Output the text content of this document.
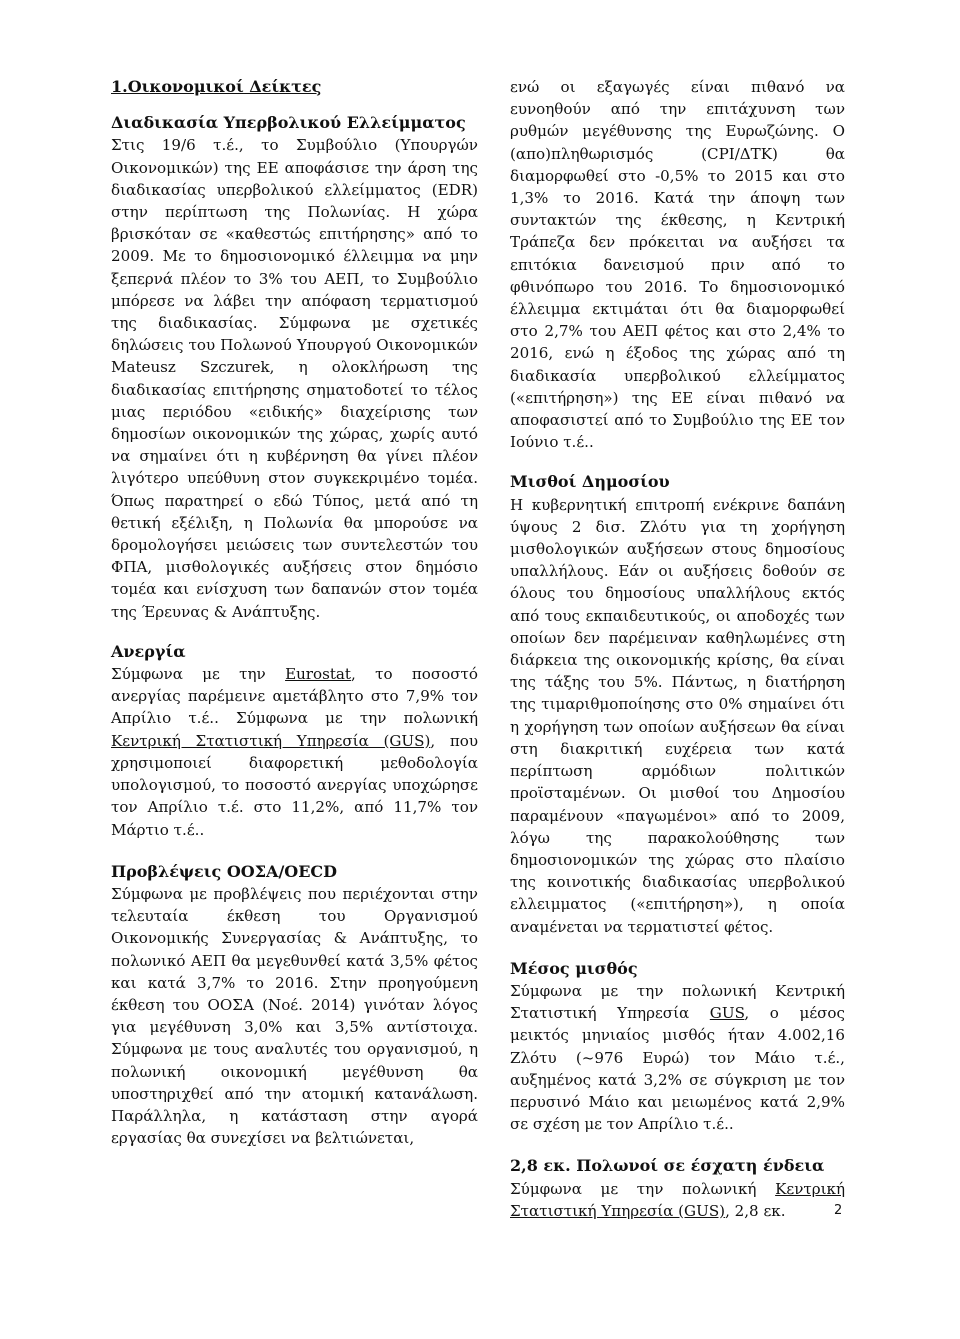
1.Οικονομικοί Δείκτες
Διαδικασία Υπερβολικού Ελλείμματος

Στις 19/6 τ.έ., το Συμβούλιο (Υπουργών Οικονομικών) της ΕΕ αποφάσισε την άρση της διαδικασίας υπερβολικού ελλείμματος (EDR) στην περίπτωση της Πολωνίας. Η χώρα βρισκόταν σε «καθεστώς επιτήρησης» από το 2009. Με το δημοσιονομικό έλλειμμα να μην ξεπερνά πλέον το 3% του ΑΕΠ, το Συμβούλιο μπόρεσε να λάβει την απόφαση τερματισμού της διαδικασίας. Σύμφωνα με σχετικές δηλώσεις του Πολωνού Υπουργού Οικονομικών Mateusz Szczurek, η ολοκλήρωση της διαδικασίας επιτήρησης σηματοδοτεί το τέλος μιας περιόδου «ειδικής» διαχείρισης των δημοσίων οικονομικών της χώρας, χωρίς αυτό να σημαίνει ότι η κυβέρνηση θα γίνει πλέον λιγότερο υπεύθυνη στον συγκεκριμένο τομέα. Όπως παρατηρεί ο εδώ Τύπος, μετά από τη θετική εξέλιξη, η Πολωνία θα μπορούσε να δρομολογήσει μειώσεις των συντελεστών του ΦΠΑ, μισθολογικές αυξήσεις στον δημόσιο τομέα και ενίσχυση των δαπανών στον τομέα της Έρευνας & Ανάπτυξης.

Ανεργία

Σύμφωνα με την Eurostat, το ποσοστό ανεργίας παρέμεινε αμετάβλητο στο 7,9% τον Απρίλιο τ.έ.. Σύμφωνα με την πολωνική Κεντρική Στατιστική Υπηρεσία (GUS), που χρησιμοποιεί διαφορετική μεθοδολογία υπολογισμού, το ποσοστό ανεργίας υποχώρησε τον Απρίλιο τ.έ. στο 11,2%, από 11,7% τον Μάρτιο τ.έ..

Προβλέψεις ΟΟΣΑ/OECD

Σύμφωνα με προβλέψεις που περιέχονται στην τελευταία έκθεση του Οργανισμού Οικονομικής Συνεργασίας & Ανάπτυξης, το πολωνικό ΑΕΠ θα μεγεθυνθεί κατά 3,5% φέτος και κατά 3,7% το 2016. Στην προηγούμενη έκθεση του ΟΟΣΑ (Νοέ. 2014) γινόταν λόγος για μεγέθυνση 3,0% και 3,5% αντίστοιχα. Σύμφωνα με τους αναλυτές του οργανισμού, η πολωνική οικονομική μεγέθυνση θα υποστηριχθεί από την ατομική κατανάλωση. Παράλληλα, η κατάσταση στην αγορά εργασίας θα συνεχίσει να βελτιώνεται,

ενώ οι εξαγωγές είναι πιθανό να ευνοηθούν από την επιτάχυνση των ρυθμών μεγέθυνσης της Ευρωζώνης. Ο (απο)πληθωρισμός (CPI/ΔΤΚ) θα διαμορφωθεί στο -0,5% το 2015 και στο 1,3% το 2016. Κατά την άποψη των συντακτών της έκθεσης, η Κεντρική Τράπεζα δεν πρόκειται να αυξήσει τα επιτόκια δανεισμού πριν από το φθινόπωρο του 2016. Το δημοσιονομικό έλλειμμα εκτιμάται ότι θα διαμορφωθεί στο 2,7% του ΑΕΠ φέτος και στο 2,4% το 2016, ενώ η έξοδος της χώρας από τη διαδικασία υπερβολικού ελλείμματος («επιτήρηση») της ΕΕ είναι πιθανό να αποφασιστεί από το Συμβούλιο της ΕΕ τον Ιούνιο τ.έ..

Μισθοί Δημοσίου

Η κυβερνητική επιτροπή ενέκρινε δαπάνη ύψους 2 δισ. Ζλότυ για τη χορήγηση μισθολογικών αυξήσεων στους δημοσίους υπαλλήλους. Εάν οι αυξήσεις δοθούν σε όλους του δημοσίους υπαλλήλους εκτός από τους εκπαιδευτικούς, οι αποδοχές των οποίων δεν παρέμειναν καθηλωμένες στη διάρκεια της οικονομικής κρίσης, θα είναι της τάξης του 5%. Πάντως, η διατήρηση της τιμαριθμοποίησης στο 0% σημαίνει ότι η χορήγηση των οποίων αυξήσεων θα είναι στη διακριτική ευχέρεια των κατά περίπτωση αρμόδιων πολιτικών προϊσταμένων. Οι μισθοί του Δημοσίου παραμένουν «παγωμένοι» από το 2009, λόγω της παρακολούθησης των δημοσιονομικών της χώρας στο πλαίσιο της κοινοτικής διαδικασίας υπερβολικού ελλειμματος («επιτήρηση»), η οποία αναμένεται να τερματιστεί φέτος.

Μέσος μισθός

Σύμφωνα με την πολωνική Κεντρική Στατιστική Υπηρεσία GUS, ο μέσος μεικτός μηνιαίος μισθός ήταν 4.002,16 Ζλότυ (~976 Ευρώ) τον Μάιο τ.έ., αυξημένος κατά 3,2% σε σύγκριση με τον περυσινό Μάιο και μειωμένος κατά 2,9% σε σχέση με τον Απρίλιο τ.έ..

2,8 εκ. Πολωνοί σε έσχατη ένδεια

Σύμφωνα με την πολωνική Κεντρική Στατιστική Υπηρεσία (GUS), 2,8 εκ.	2
